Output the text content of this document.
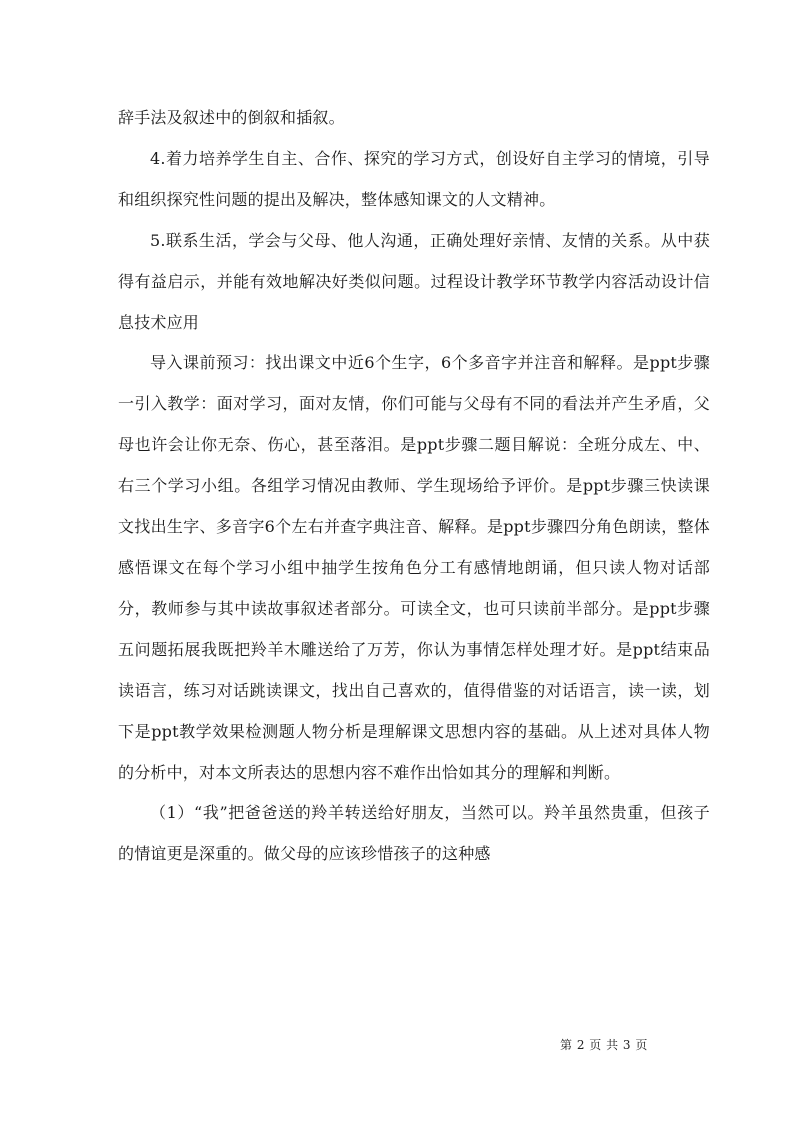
辞手法及叙述中的倒叙和插叙。

4.着力培养学生自主、合作、探究的学习方式，创设好自主学习的情境，引导和组织探究性问题的提出及解决，整体感知课文的人文精神。

5.联系生活，学会与父母、他人沟通，正确处理好亲情、友情的关系。从中获得有益启示，并能有效地解决好类似问题。过程设计教学环节教学内容活动设计信息技术应用

导入课前预习：找出课文中近6个生字，6个多音字并注音和解释。是ppt步骤一引入教学：面对学习，面对友情，你们可能与父母有不同的看法并产生矛盾，父母也许会让你无奈、伤心，甚至落泪。是ppt步骤二题目解说：全班分成左、中、右三个学习小组。各组学习情况由教师、学生现场给予评价。是ppt步骤三快读课文找出生字、多音字6个左右并查字典注音、解释。是ppt步骤四分角色朗读，整体感悟课文在每个学习小组中抽学生按角色分工有感情地朗诵，但只读人物对话部分，教师参与其中读故事叙述者部分。可读全文，也可只读前半部分。是ppt步骤五问题拓展我既把羚羊木雕送给了万芳，你认为事情怎样处理才好。是ppt结束品读语言，练习对话跳读课文，找出自己喜欢的，值得借鉴的对话语言，读一读，划下是ppt教学效果检测题人物分析是理解课文思想内容的基础。从上述对具体人物的分析中，对本文所表达的思想内容不难作出恰如其分的理解和判断。

（1）“我”把爸爸送的羚羊转送给好朋友，当然可以。羚羊虽然贵重，但孩子的情谊更是深重的。做父母的应该珍惜孩子的这种感

第 2 页 共 3 页
